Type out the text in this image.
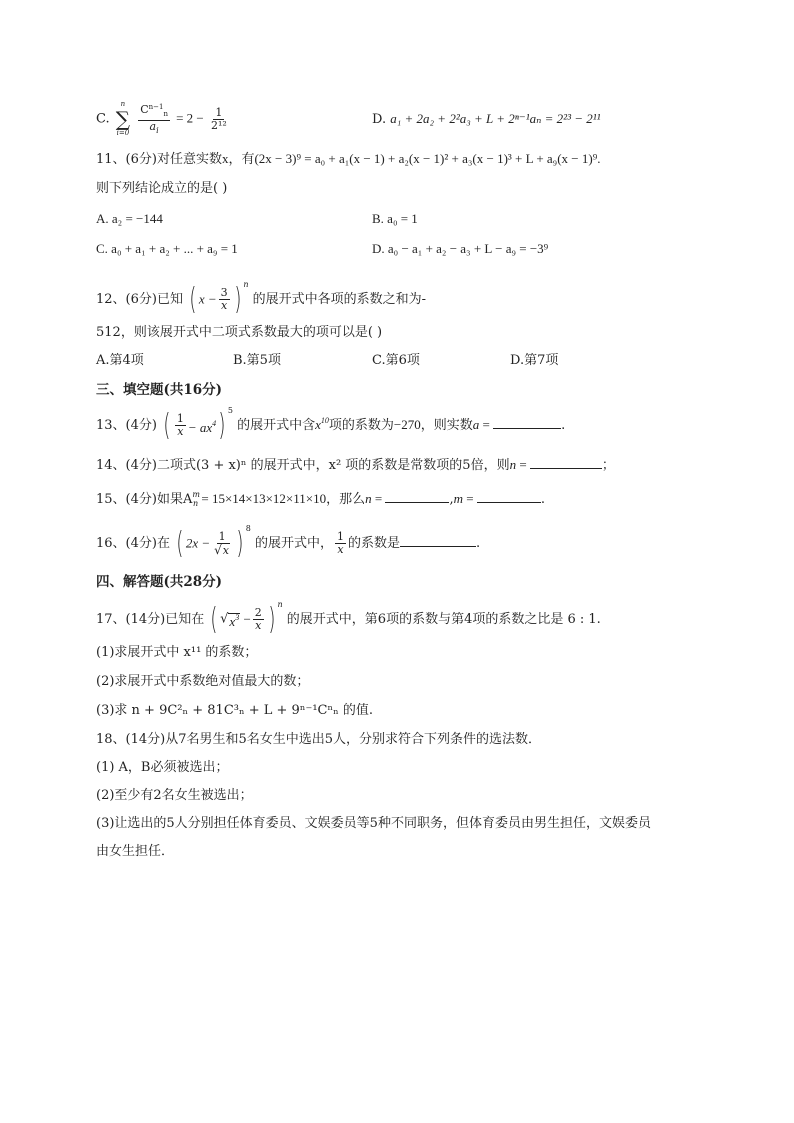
C.
n
∑
i=0
$\frac{C^{n-1}_n}{a_i} = 2 - \frac{1}{\text{2¹²}}$	D. a₁ + 2a₂ + 2²a₃ + L + 2ⁿ⁻¹aₙ = 2²³ − 2¹¹
11、(6分)对任意实数x，有(2x − 3)⁹ = a₀ + a₁(x − 1) + a₂(x − 1)² + a₃(x − 1)³ + L + a₉(x − 1)⁹.
则下列结论成立的是( )
A. a₂ = −144	B. a₀ = 1
C. a₀ + a₁ + a₂ + ... + a₉ = 1	D. a₀ − a₁ + a₂ − a₃ + L − a₉ = −3⁹
12、(6分)已知 ( $x - \frac{3}{x}$ ) $^n$ 的展开式中各项的系数之和为-
512，则该展开式中二项式系数最大的项可以是( )
A.第4项	B.第5项	C.第6项	D.第7项
三、填空题(共16分)
13、(4分) ( $\frac{1}{x} - ax^4$) $^5$ 的展开式中含$x^{10}$项的系数为−270，则实数a =	.
14、(4分)二项式(3 + x)ⁿ 的展开式中，x² 项的系数是常数项的5倍，则n =	；
15、(4分)如果$A^m_n = 15\times 14\times 13\times 12\times 11\times 10$，那么n =	,m =	.
16、(4分)在 ( $2x - \frac{1}{√x}$ ) $^8$ 的展开式中， $\frac{1}{x}$ 的系数是	.
四、解答题(共28分)
17、(14分)已知在 ( $√x^3 - \frac{2}{x}$ ) $^n$ 的展开式中，第6项的系数与第4项的系数之比是 6 : 1.
(1)求展开式中 x¹¹ 的系数；
(2)求展开式中系数绝对值最大的数；
(3)求 n + 9C²ₙ + 81C³ₙ + L + 9ⁿ⁻¹Cⁿₙ 的值.
18、(14分)从7名男生和5名女生中选出5人，分别求符合下列条件的选法数．
(1) A，B必须被选出；
(2)至少有2名女生被选出；
(3)让选出的5人分别担任体育委员、文娱委员等5种不同职务，但体育委员由男生担任，文娱委员
由女生担任．
